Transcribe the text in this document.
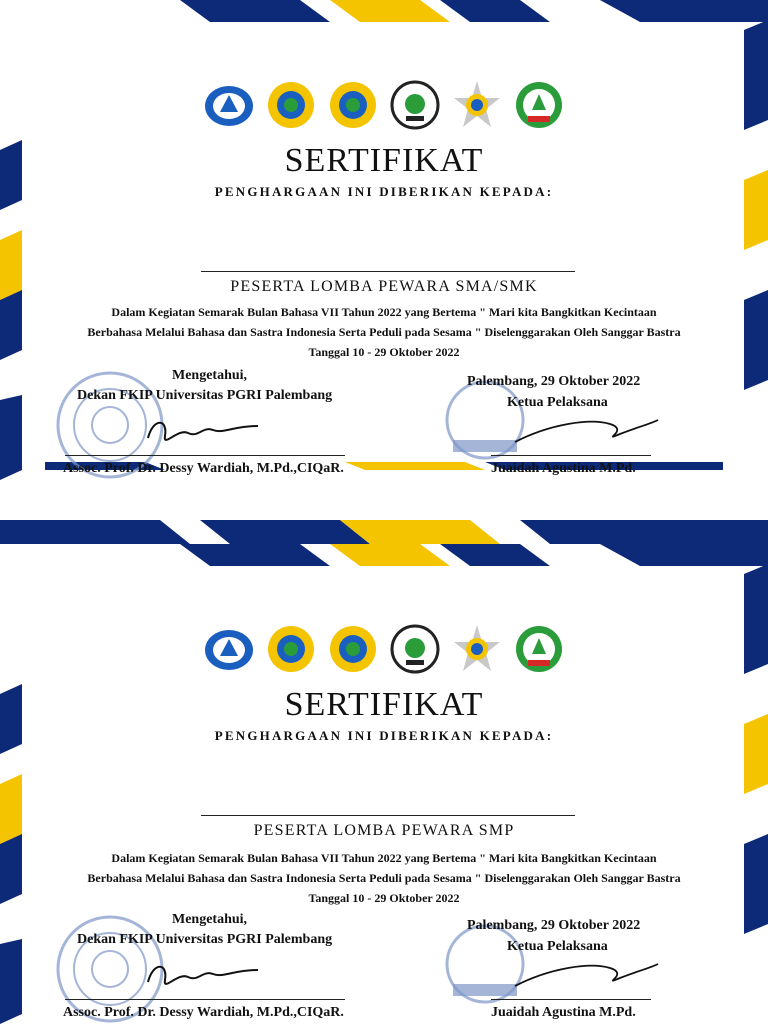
SERTIFIKAT
PENGHARGAAN INI DIBERIKAN KEPADA:
PESERTA LOMBA PEWARA SMA/SMK
Dalam Kegiatan Semarak Bulan Bahasa VII Tahun 2022 yang Bertema " Mari kita Bangkitkan Kecintaan Berbahasa Melalui Bahasa dan Sastra Indonesia Serta Peduli pada Sesama " Diselenggarakan Oleh Sanggar Bastra Tanggal 10 - 29 Oktober 2022
Mengetahui,
Dekan FKIP Universitas PGRI Palembang
Assoc. Prof. Dr. Dessy Wardiah, M.Pd.,CIQaR.
Palembang, 29 Oktober 2022
Ketua Pelaksana
Juaidah Agustina M.Pd.
SERTIFIKAT
PENGHARGAAN INI DIBERIKAN KEPADA:
PESERTA LOMBA PEWARA SMP
Dalam Kegiatan Semarak Bulan Bahasa VII Tahun 2022 yang Bertema " Mari kita Bangkitkan Kecintaan Berbahasa Melalui Bahasa dan Sastra Indonesia Serta Peduli pada Sesama " Diselenggarakan Oleh Sanggar Bastra Tanggal 10 - 29 Oktober 2022
Mengetahui,
Dekan FKIP Universitas PGRI Palembang
Assoc. Prof. Dr. Dessy Wardiah, M.Pd.,CIQaR.
Palembang, 29 Oktober 2022
Ketua Pelaksana
Juaidah Agustina M.Pd.
